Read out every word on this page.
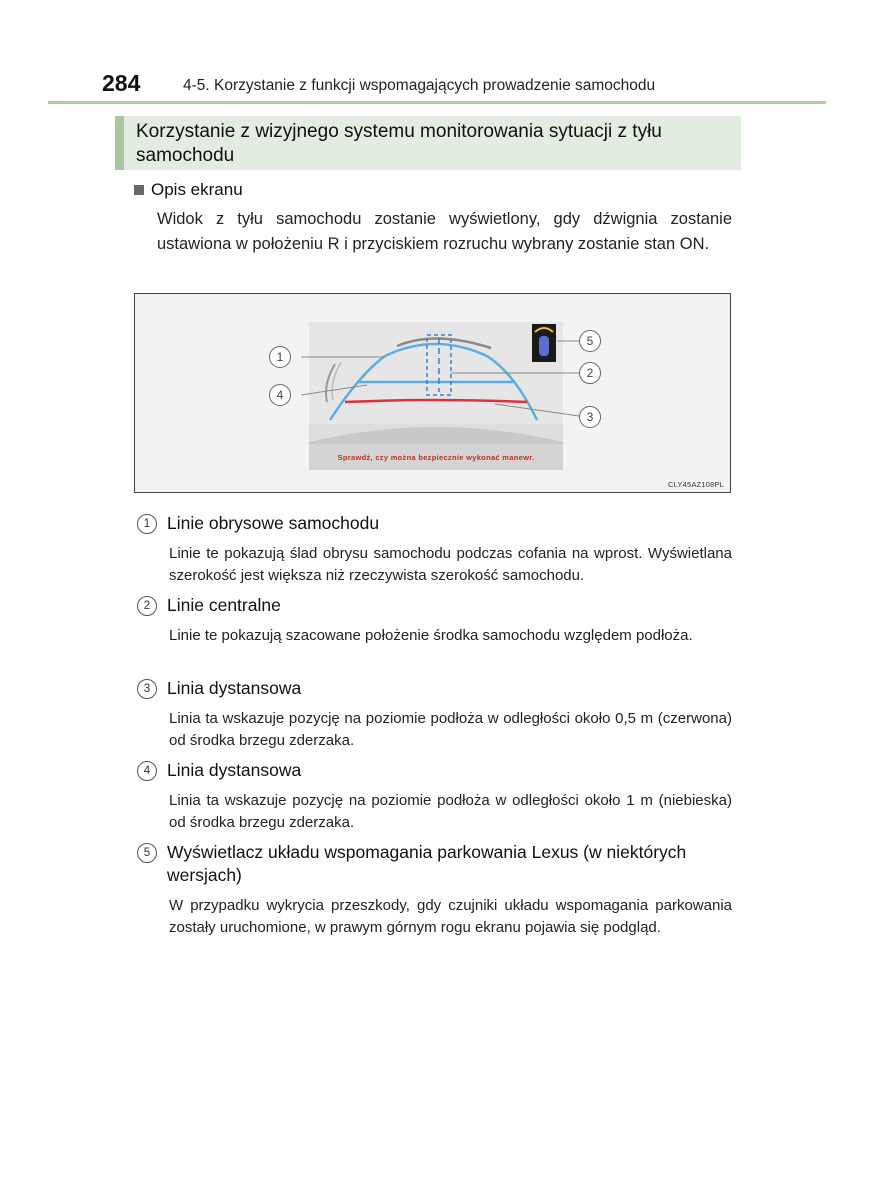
284	4-5. Korzystanie z funkcji wspomagających prowadzenie samochodu
Korzystanie z wizyjnego systemu monitorowania sytuacji z tyłu samochodu
Opis ekranu
Widok z tyłu samochodu zostanie wyświetlony, gdy dźwignia zostanie ustawiona w położeniu R i przyciskiem rozruchu wybrany zostanie stan ON.
Sprawdź, czy można bezpiecznie wykonać manewr.
1
2
3
4
5
CLY45AZ108PL
1 Linie obrysowe samochodu
Linie te pokazują ślad obrysu samochodu podczas cofania na wprost. Wyświetlana szerokość jest większa niż rzeczywista szerokość samochodu.
2 Linie centralne
Linie te pokazują szacowane położenie środka samochodu względem podłoża.
3 Linia dystansowa
Linia ta wskazuje pozycję na poziomie podłoża w odległości około 0,5 m (czerwona) od środka brzegu zderzaka.
4 Linia dystansowa
Linia ta wskazuje pozycję na poziomie podłoża w odległości około 1 m (niebieska) od środka brzegu zderzaka.
5 Wyświetlacz układu wspomagania parkowania Lexus (w niektórych wersjach)
W przypadku wykrycia przeszkody, gdy czujniki układu wspomagania parkowania zostały uruchomione, w prawym górnym rogu ekranu pojawia się podgląd.
